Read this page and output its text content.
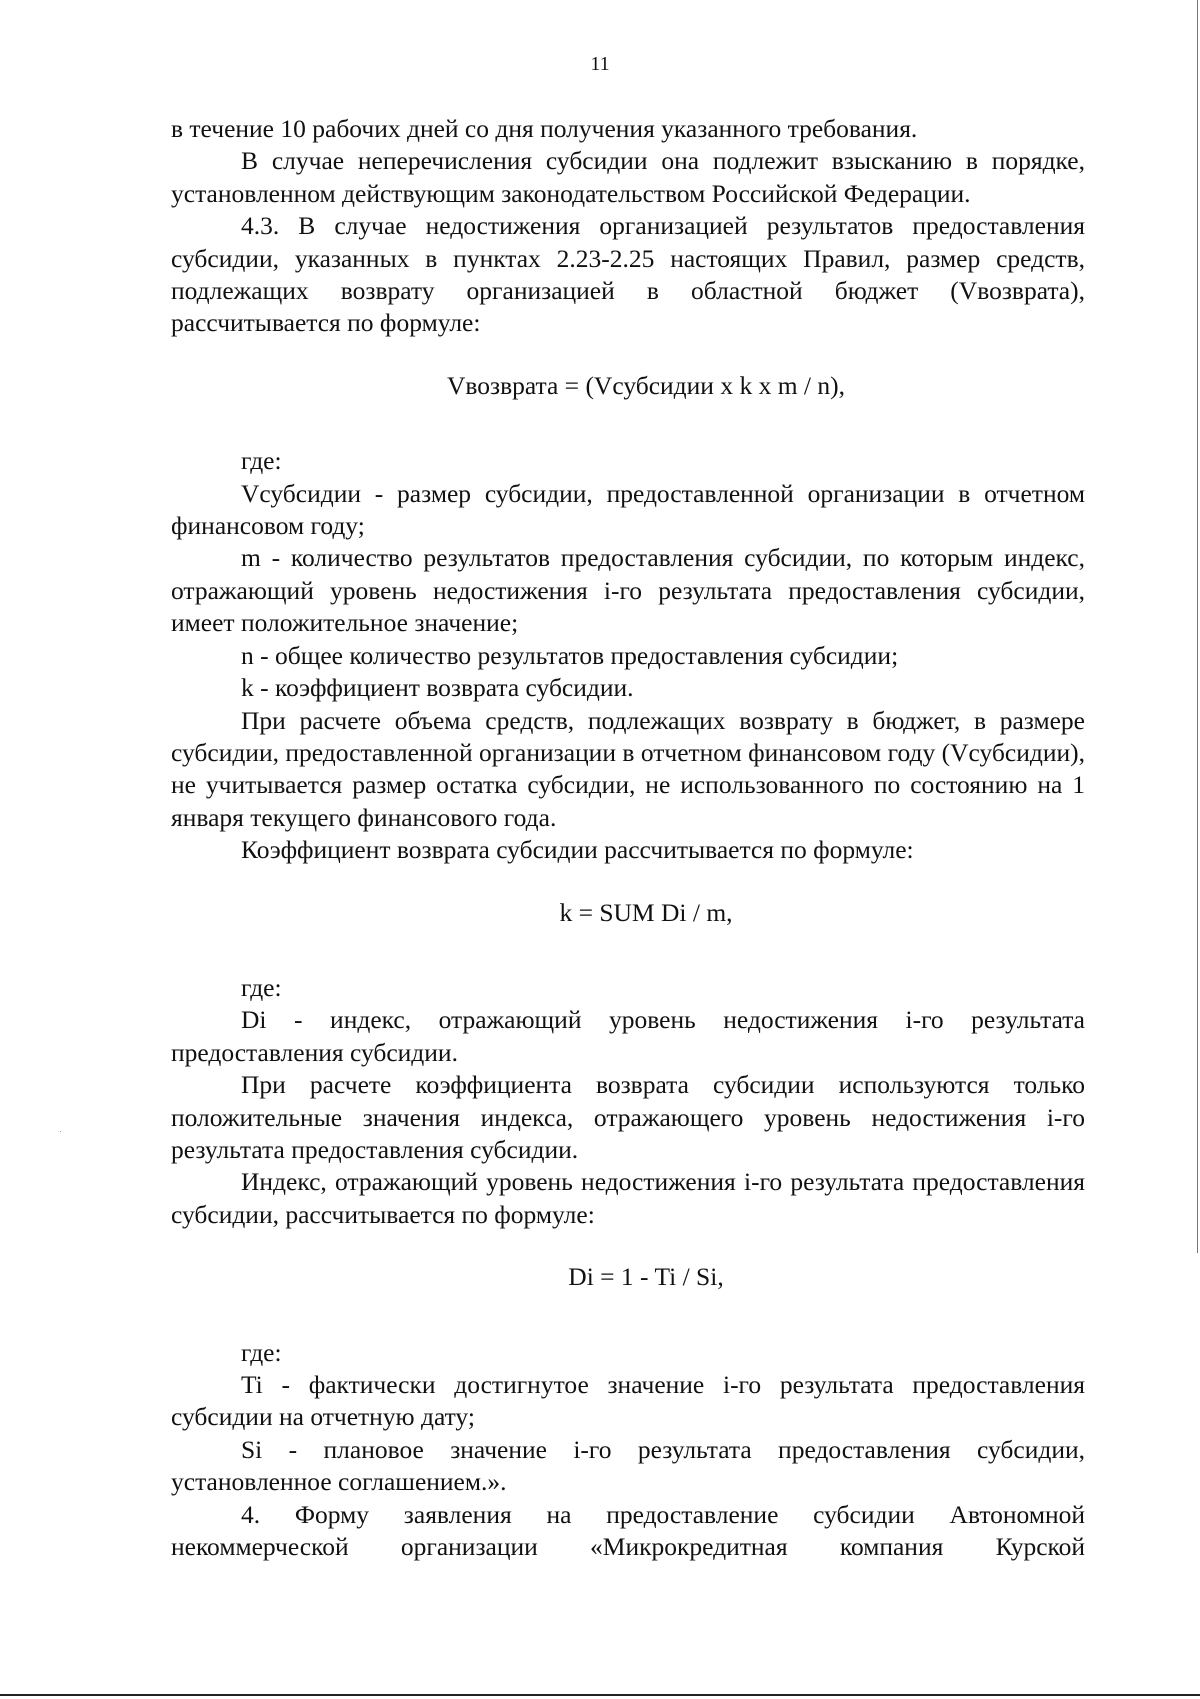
11

в течение 10 рабочих дней со дня получения указанного требования.

В случае неперечисления субсидии она подлежит взысканию в порядке, установленном действующим законодательством Российской Федерации.

4.3. В случае недостижения организацией результатов предоставления субсидии, указанных в пунктах 2.23-2.25 настоящих Правил, размер средств, подлежащих возврату организацией в областной бюджет (Vвозврата), рассчитывается по формуле:

Vвозврата = (Vсубсидии x k x m / n),

где:

Vсубсидии - размер субсидии, предоставленной организации в отчетном финансовом году;

m - количество результатов предоставления субсидии, по которым индекс, отражающий уровень недостижения i-го результата предоставления субсидии, имеет положительное значение;

n - общее количество результатов предоставления субсидии;

k - коэффициент возврата субсидии.

При расчете объема средств, подлежащих возврату в бюджет, в размере субсидии, предоставленной организации в отчетном финансовом году (Vсубсидии), не учитывается размер остатка субсидии, не использованного по состоянию на 1 января текущего финансового года.

Коэффициент возврата субсидии рассчитывается по формуле:

k = SUM Di / m,

где:

Di - индекс, отражающий уровень недостижения i-го результата предоставления субсидии.

При расчете коэффициента возврата субсидии используются только положительные значения индекса, отражающего уровень недостижения i-го результата предоставления субсидии.

Индекс, отражающий уровень недостижения i-го результата предоставления субсидии, рассчитывается по формуле:

Di = 1 - Ti / Si,

где:

Ti - фактически достигнутое значение i-го результата предоставления субсидии на отчетную дату;

Si - плановое значение i-го результата предоставления субсидии, установленное соглашением.».

4. Форму заявления на предоставление субсидии Автономной некоммерческой организации «Микрокредитная компания Курской
